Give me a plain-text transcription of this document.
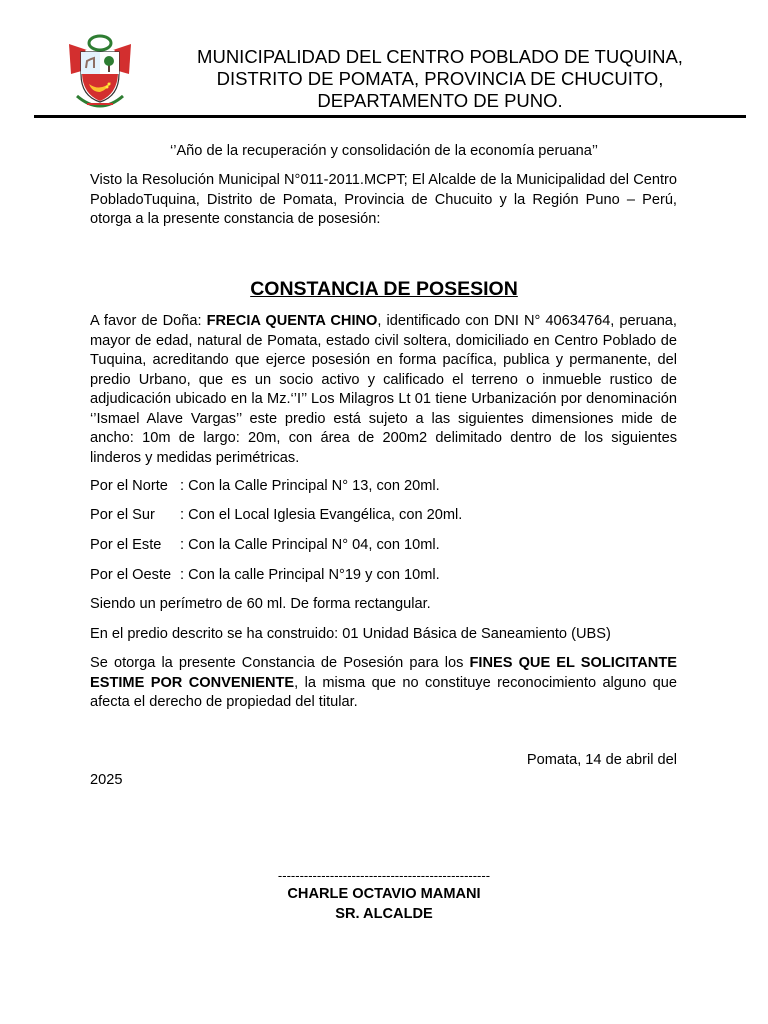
MUNICIPALIDAD DEL CENTRO POBLADO DE TUQUINA,
DISTRITO DE POMATA, PROVINCIA DE CHUCUITO,
DEPARTAMENTO DE PUNO.
‘’Año de la recuperación y consolidación de la economía peruana’’
Visto la Resolución Municipal N°011-2011.MCPT; El Alcalde de la Municipalidad del Centro PobladoTuquina, Distrito de Pomata, Provincia de Chucuito y la Región Puno – Perú, otorga a la presente constancia de posesión:
CONSTANCIA DE POSESION
A favor de Doña: FRECIA QUENTA CHINO, identificado con DNI N° 40634764, peruana, mayor de edad, natural de Pomata, estado civil soltera, domiciliado en Centro Poblado de Tuquina, acreditando que ejerce posesión en forma pacífica, publica y permanente, del predio Urbano, que es un socio activo y calificado el terreno o inmueble rustico de adjudicación ubicado en la Mz.‘’I’’ Los Milagros Lt 01 tiene Urbanización por denominación ‘’Ismael Alave Vargas’’ este predio está sujeto a las siguientes dimensiones mide de ancho: 10m de largo: 20m, con área de 200m2 delimitado dentro de los siguientes linderos y medidas perimétricas.
Por el Norte : Con la Calle Principal N° 13, con 20ml.
Por el Sur : Con el Local Iglesia Evangélica, con 20ml.
Por el Este : Con la Calle Principal N° 04, con 10ml.
Por el Oeste : Con la calle Principal N°19 y con 10ml.
Siendo un perímetro de 60 ml. De forma rectangular.
En el predio descrito se ha construido: 01 Unidad Básica de Saneamiento (UBS)
Se otorga la presente Constancia de Posesión para los FINES QUE EL SOLICITANTE ESTIME POR CONVENIENTE, la misma que no constituye reconocimiento alguno que afecta el derecho de propiedad del titular.
Pomata, 14 de abril del
2025
-------------------------------------------------
CHARLE OCTAVIO MAMANI
SR. ALCALDE
